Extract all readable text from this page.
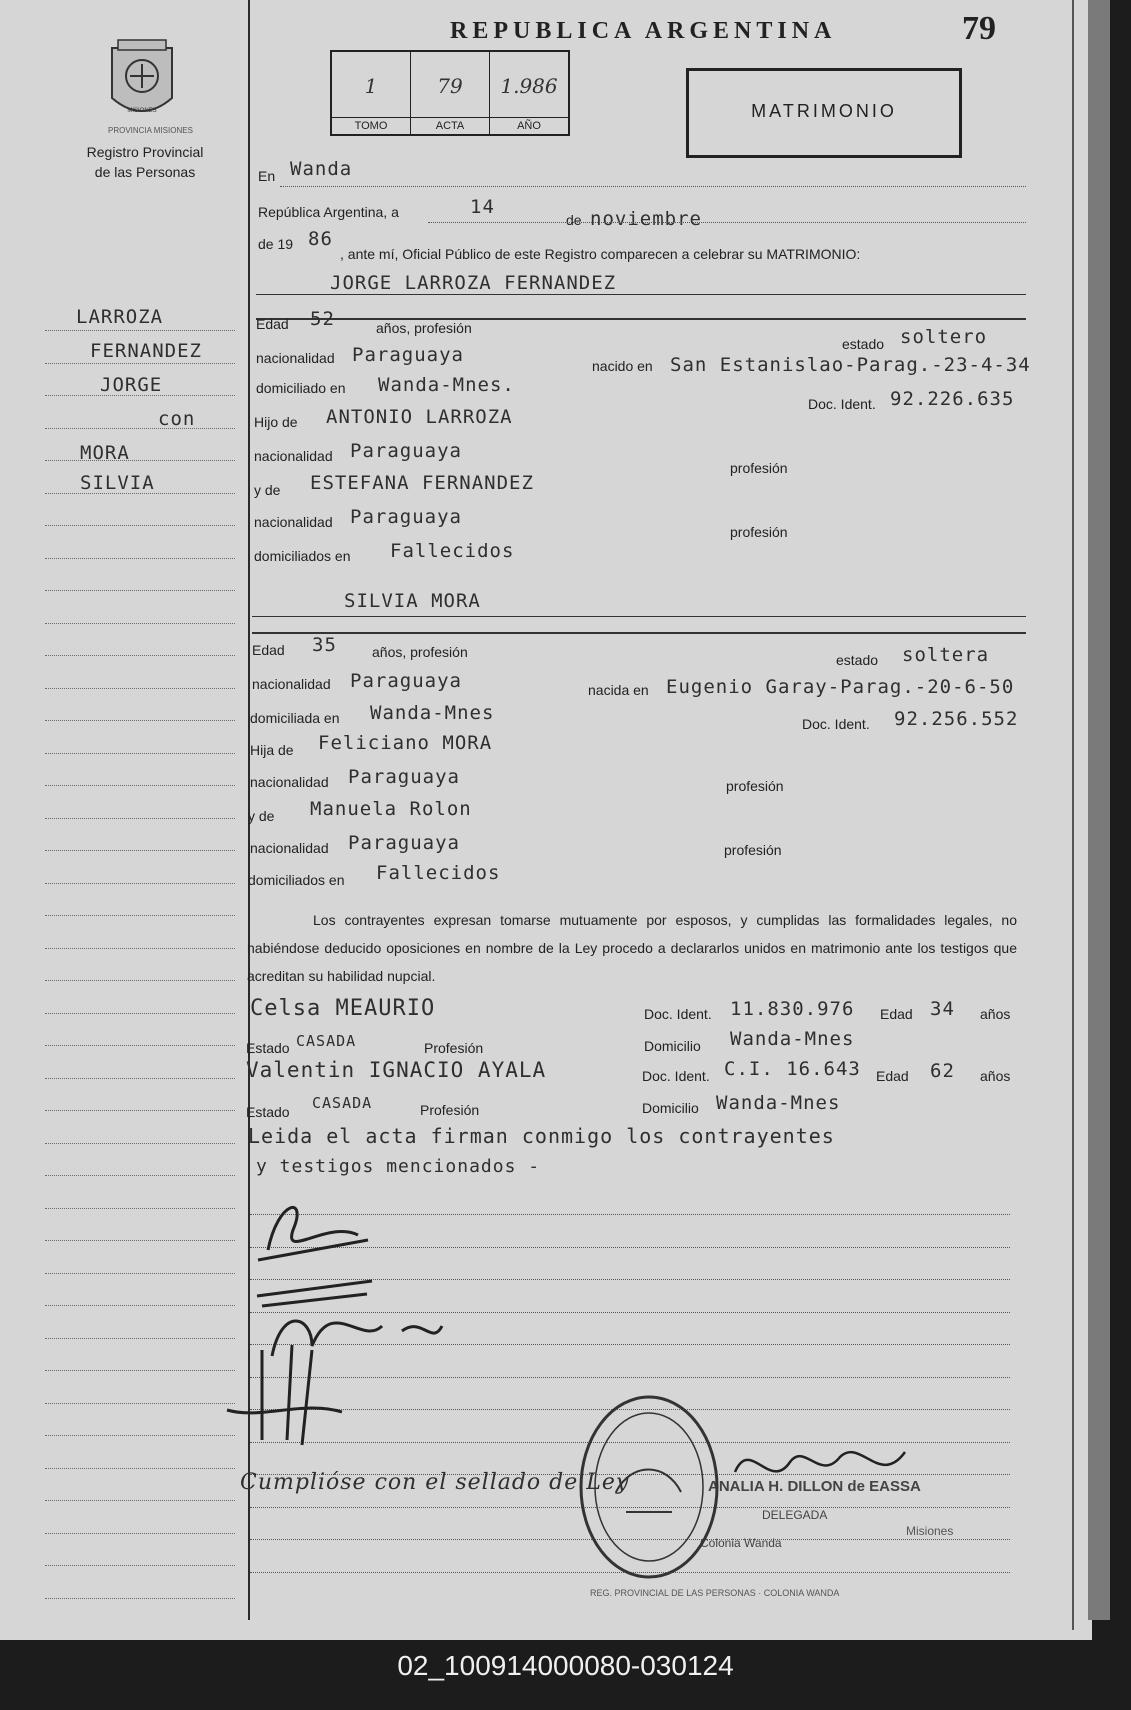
REPUBLICA ARGENTINA	79
MISIONES
Registro Provincial
de las Personas
1
TOMO
79
ACTA
1.986
AÑO
MATRIMONIO
LARROZA
FERNANDEZ
JORGE
con
MORA
SILVIA
En Wanda
República Argentina, a	14
de noviembre
de 19 86
, ante mí, Oficial Público de este Registro comparecen a celebrar su MATRIMONIO:
JORGE LARROZA FERNANDEZ
Edad 52	años, profesión
estado soltero
nacionalidad Paraguaya	nacido en San Estanislao-Parag.-23-4-34
domiciliado en Wanda-Mnes.
Doc. Ident. 92.226.635
Hijo de ANTONIO LARROZA
nacionalidad Paraguaya
profesión
y de ESTEFANA FERNANDEZ
nacionalidad Paraguaya
profesión
domiciliados en Fallecidos
SILVIA MORA
Edad 35	años, profesión	estado soltera
nacionalidad Paraguaya	nacida en Eugenio Garay-Parag.-20-6-50
domiciliada en Wanda-Mnes	Doc. Ident. 92.256.552
Hija de Feliciano MORA
nacionalidad Paraguaya	profesión
y de Manuela Rolon
nacionalidad Paraguaya	profesión
domiciliados en Fallecidos
Los contrayentes expresan tomarse mutuamente por esposos, y cumplidas las formalidades legales, no habiéndose deducido oposiciones en nombre de la Ley procedo a declararlos unidos en matrimonio ante los testigos que acreditan su habilidad nupcial.
Celsa MEAURIO	Doc. Ident. 11.830.976 Edad 34 años
Estado CASADA	Profesión	Domicilio Wanda-Mnes
Valentin IGNACIO AYALA	Doc. Ident. C.I. 16.643 Edad 62 años
Estado CASADA	Profesión	Domicilio Wanda-Mnes
Leida el acta firman conmigo los contrayentes
y testigos mencionados -
Cumplióse con el sellado de Ley	ANALIA H. DILLON de EASSA
DELEGADA
Colonia Wanda
Misiones
REG. PROVINCIAL DE LAS PERSONAS · COLONIA WANDA
PROVINCIA MISIONES
02_100914000080-030124
